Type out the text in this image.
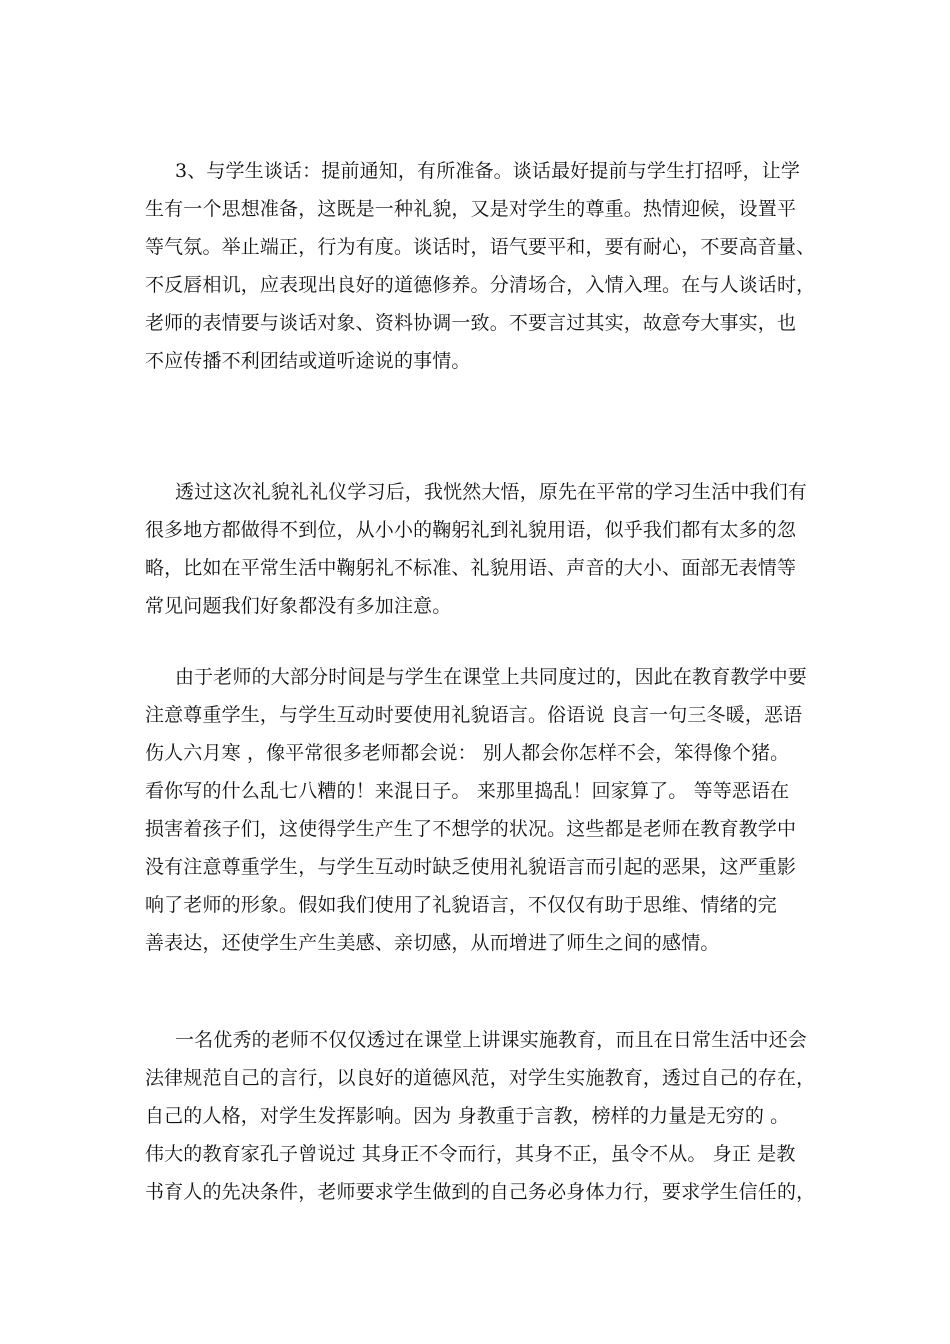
3、与学生谈话：提前通知，有所准备。谈话最好提前与学生打招呼，让学
生有一个思想准备，这既是一种礼貌，又是对学生的尊重。热情迎候，设置平
等气氛。举止端正，行为有度。谈话时，语气要平和，要有耐心，不要高音量、
不反唇相讥，应表现出良好的道德修养。分清场合，入情入理。在与人谈话时，
老师的表情要与谈话对象、资料协调一致。不要言过其实，故意夸大事实，也
不应传播不利团结或道听途说的事情。
透过这次礼貌礼礼仪学习后，我恍然大悟，原先在平常的学习生活中我们有
很多地方都做得不到位，从小小的鞠躬礼到礼貌用语，似乎我们都有太多的忽
略，比如在平常生活中鞠躬礼不标准、礼貌用语、声音的大小、面部无表情等
常见问题我们好象都没有多加注意。
由于老师的大部分时间是与学生在课堂上共同度过的，因此在教育教学中要
注意尊重学生，与学生互动时要使用礼貌语言。俗语说 良言一句三冬暖，恶语
伤人六月寒 ，像平常很多老师都会说： 别人都会你怎样不会，笨得像个猪。
看你写的什么乱七八糟的！来混日子。 来那里捣乱！回家算了。 等等恶语在
损害着孩子们，这使得学生产生了不想学的状况。这些都是老师在教育教学中
没有注意尊重学生，与学生互动时缺乏使用礼貌语言而引起的恶果，这严重影
响了老师的形象。假如我们使用了礼貌语言，不仅仅有助于思维、情绪的完
善表达，还使学生产生美感、亲切感，从而增进了师生之间的感情。
一名优秀的老师不仅仅透过在课堂上讲课实施教育，而且在日常生活中还会
法律规范自己的言行，以良好的道德风范，对学生实施教育，透过自己的存在，
自己的人格，对学生发挥影响。因为 身教重于言教，榜样的力量是无穷的 。
伟大的教育家孔子曾说过 其身正不令而行，其身不正，虽令不从。 身正 是教
书育人的先决条件，老师要求学生做到的自己务必身体力行，要求学生信任的，
